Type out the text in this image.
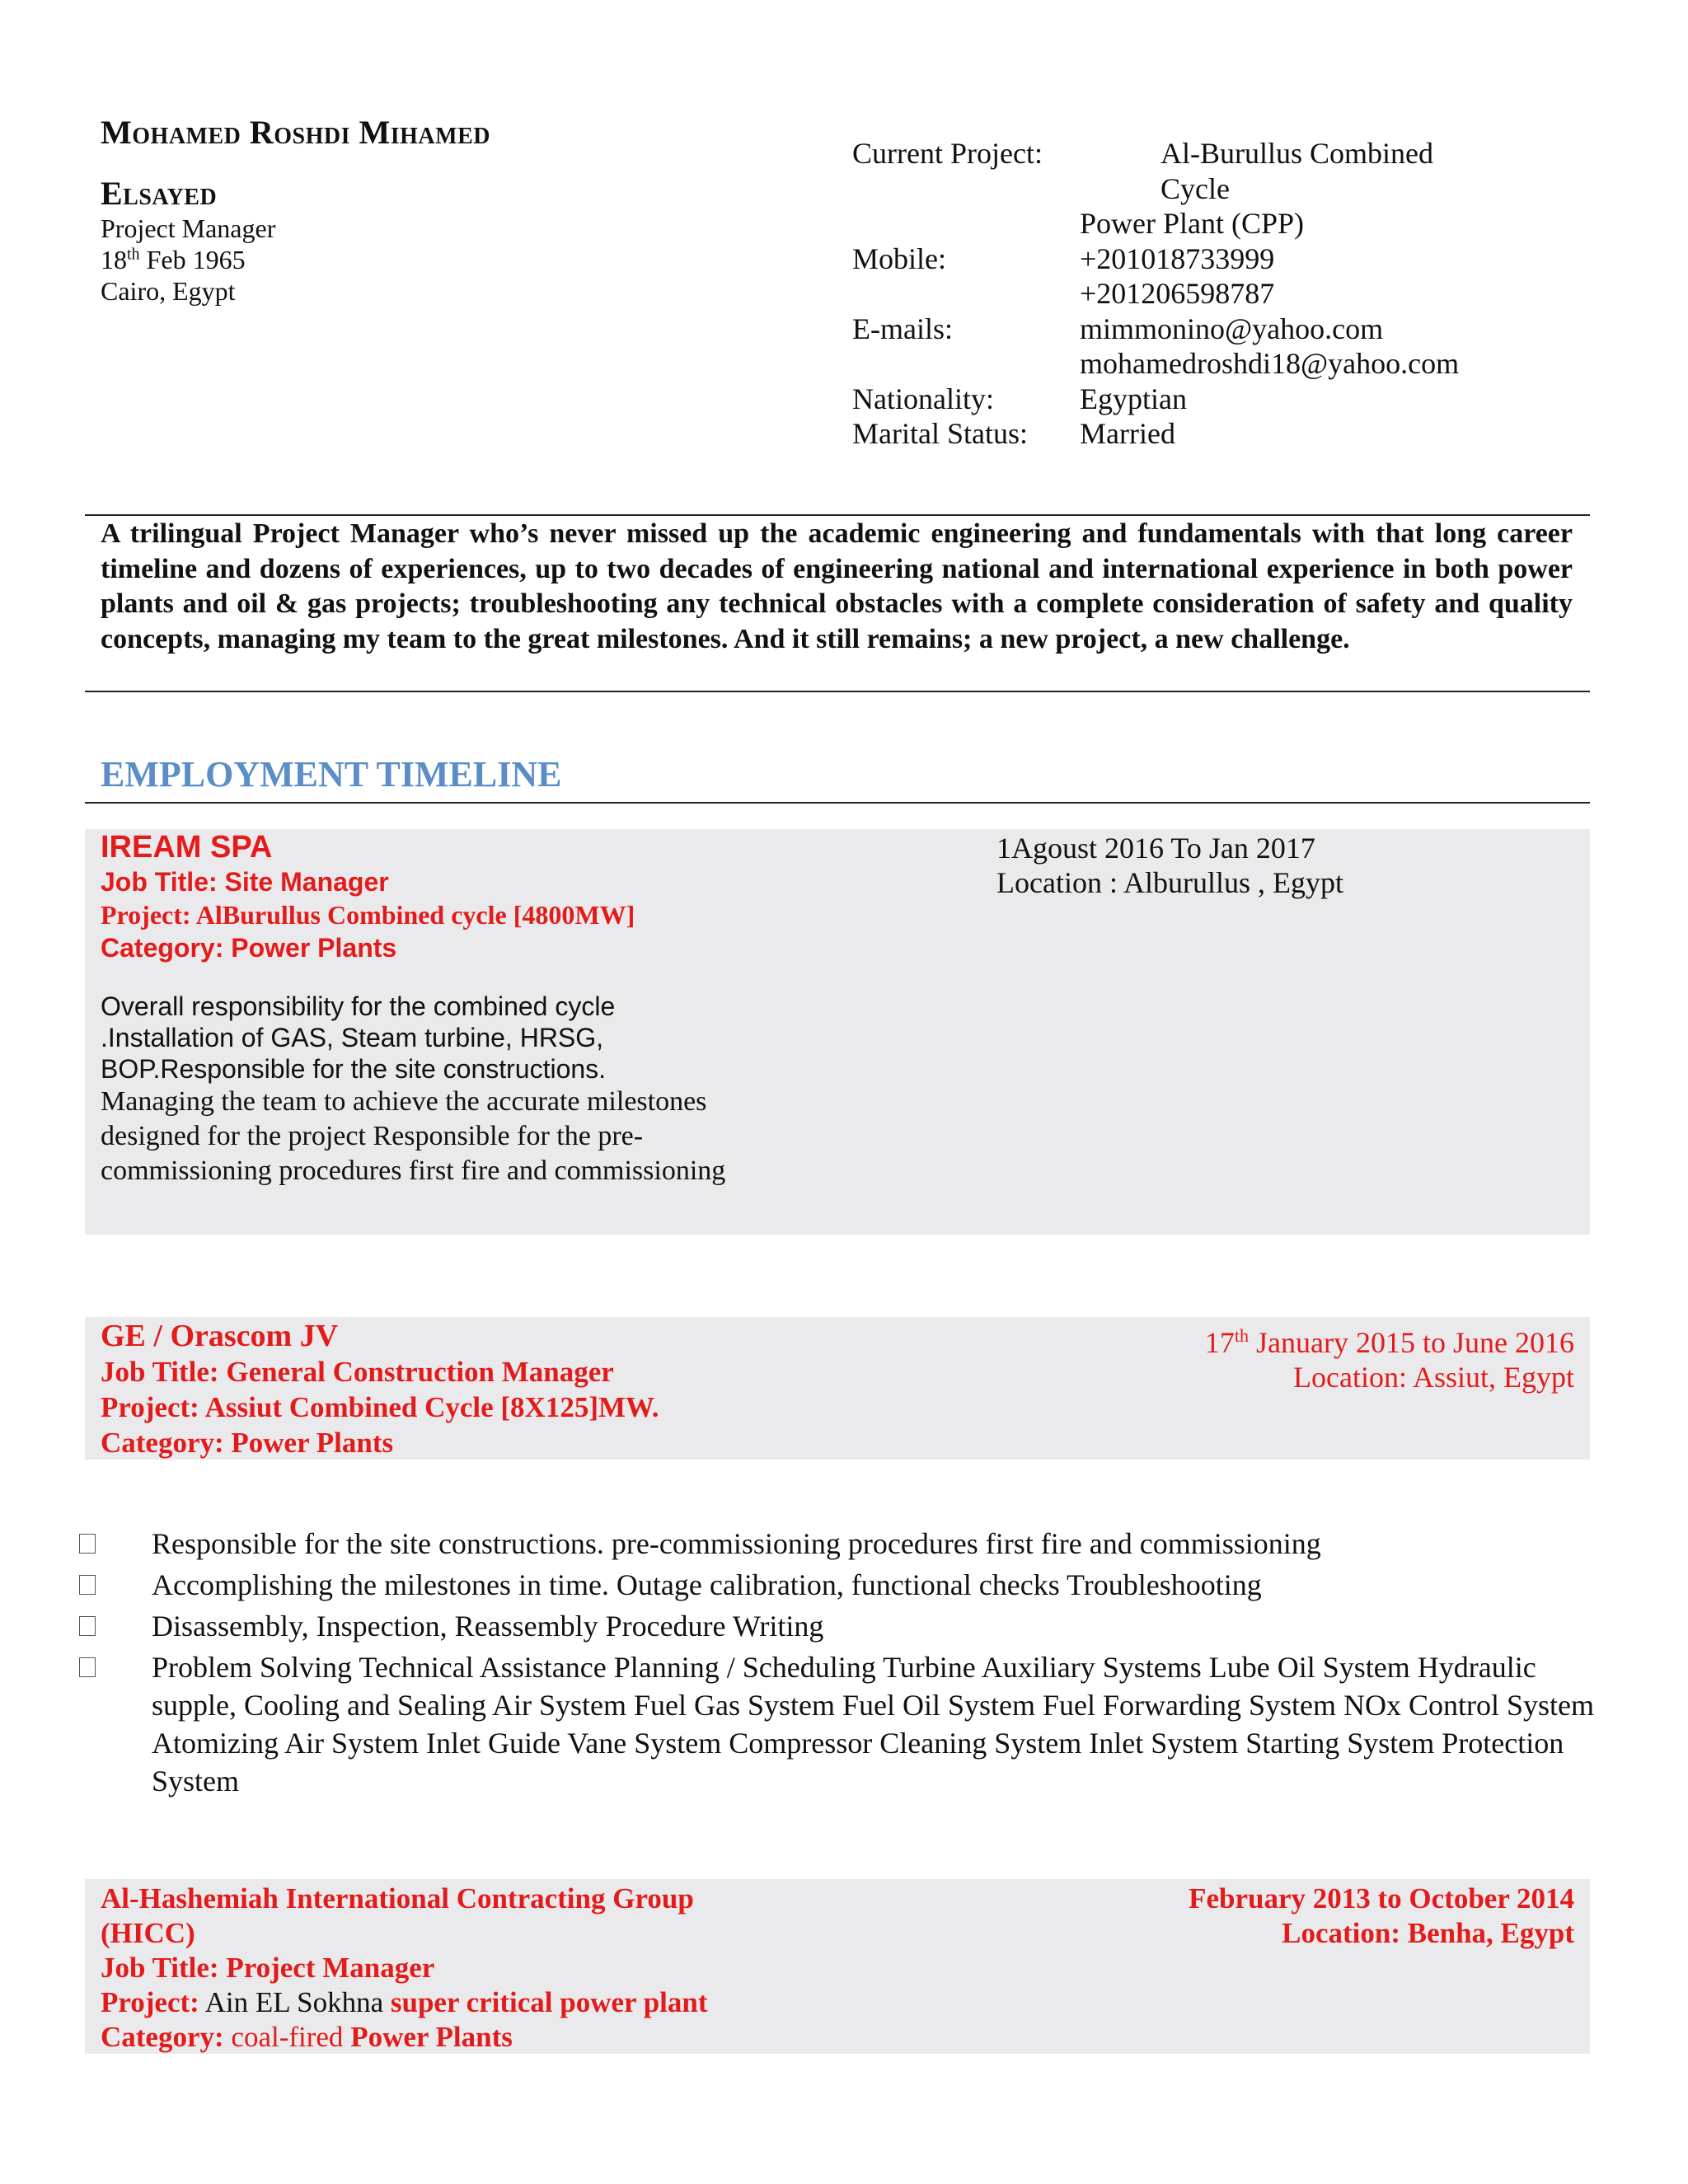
Mohamed Roshdi Mihamed
Elsayed
Project Manager
18th Feb 1965
Cairo, Egypt
Current Project:	Al-Burullus Combined
Cycle
Power Plant (CPP)
Mobile:	+201018733999
+201206598787
E-mails:	mimmonino@yahoo.com
mohamedroshdi18@yahoo.com
Nationality:	Egyptian
Marital Status:	Married
A trilingual Project Manager who’s never missed up the academic engineering and fundamentals with that long career timeline and dozens of experiences, up to two decades of engineering national and international experience in both power plants and oil & gas projects; troubleshooting any technical obstacles with a complete consideration of safety and quality concepts, managing my team to the great milestones. And it still remains; a new project, a new challenge.
EMPLOYMENT TIMELINE
IREAM SPA
Job Title: Site Manager
Project: AlBurullus Combined cycle [4800MW]
Category: Power Plants
Overall responsibility for the combined cycle
.Installation of GAS, Steam turbine, HRSG,
BOP.Responsible for the site constructions.
Managing the team to achieve the accurate milestones
designed for the project Responsible for the pre-
commissioning procedures first fire and commissioning
1Agoust 2016 To Jan 2017
Location : Alburullus , Egypt
GE / Orascom JV
Job Title: General Construction Manager
Project: Assiut Combined Cycle [8X125]MW.
Category: Power Plants
17th January 2015 to June 2016
Location: Assiut, Egypt
Responsible for the site constructions. pre-commissioning procedures first fire and commissioning
Accomplishing the milestones in time. Outage calibration, functional checks Troubleshooting
Disassembly, Inspection, Reassembly Procedure Writing
Problem Solving Technical Assistance Planning / Scheduling Turbine Auxiliary Systems Lube Oil System Hydraulic supple, Cooling and Sealing Air System Fuel Gas System Fuel Oil System Fuel Forwarding System NOx Control System Atomizing Air System Inlet Guide Vane System Compressor Cleaning System Inlet System Starting System Protection System
Al-Hashemiah International Contracting Group
(HICC)
Job Title: Project Manager
Project: Ain EL Sokhna super critical power plant
Category: coal-fired Power Plants
February 2013 to October 2014
Location: Benha, Egypt
